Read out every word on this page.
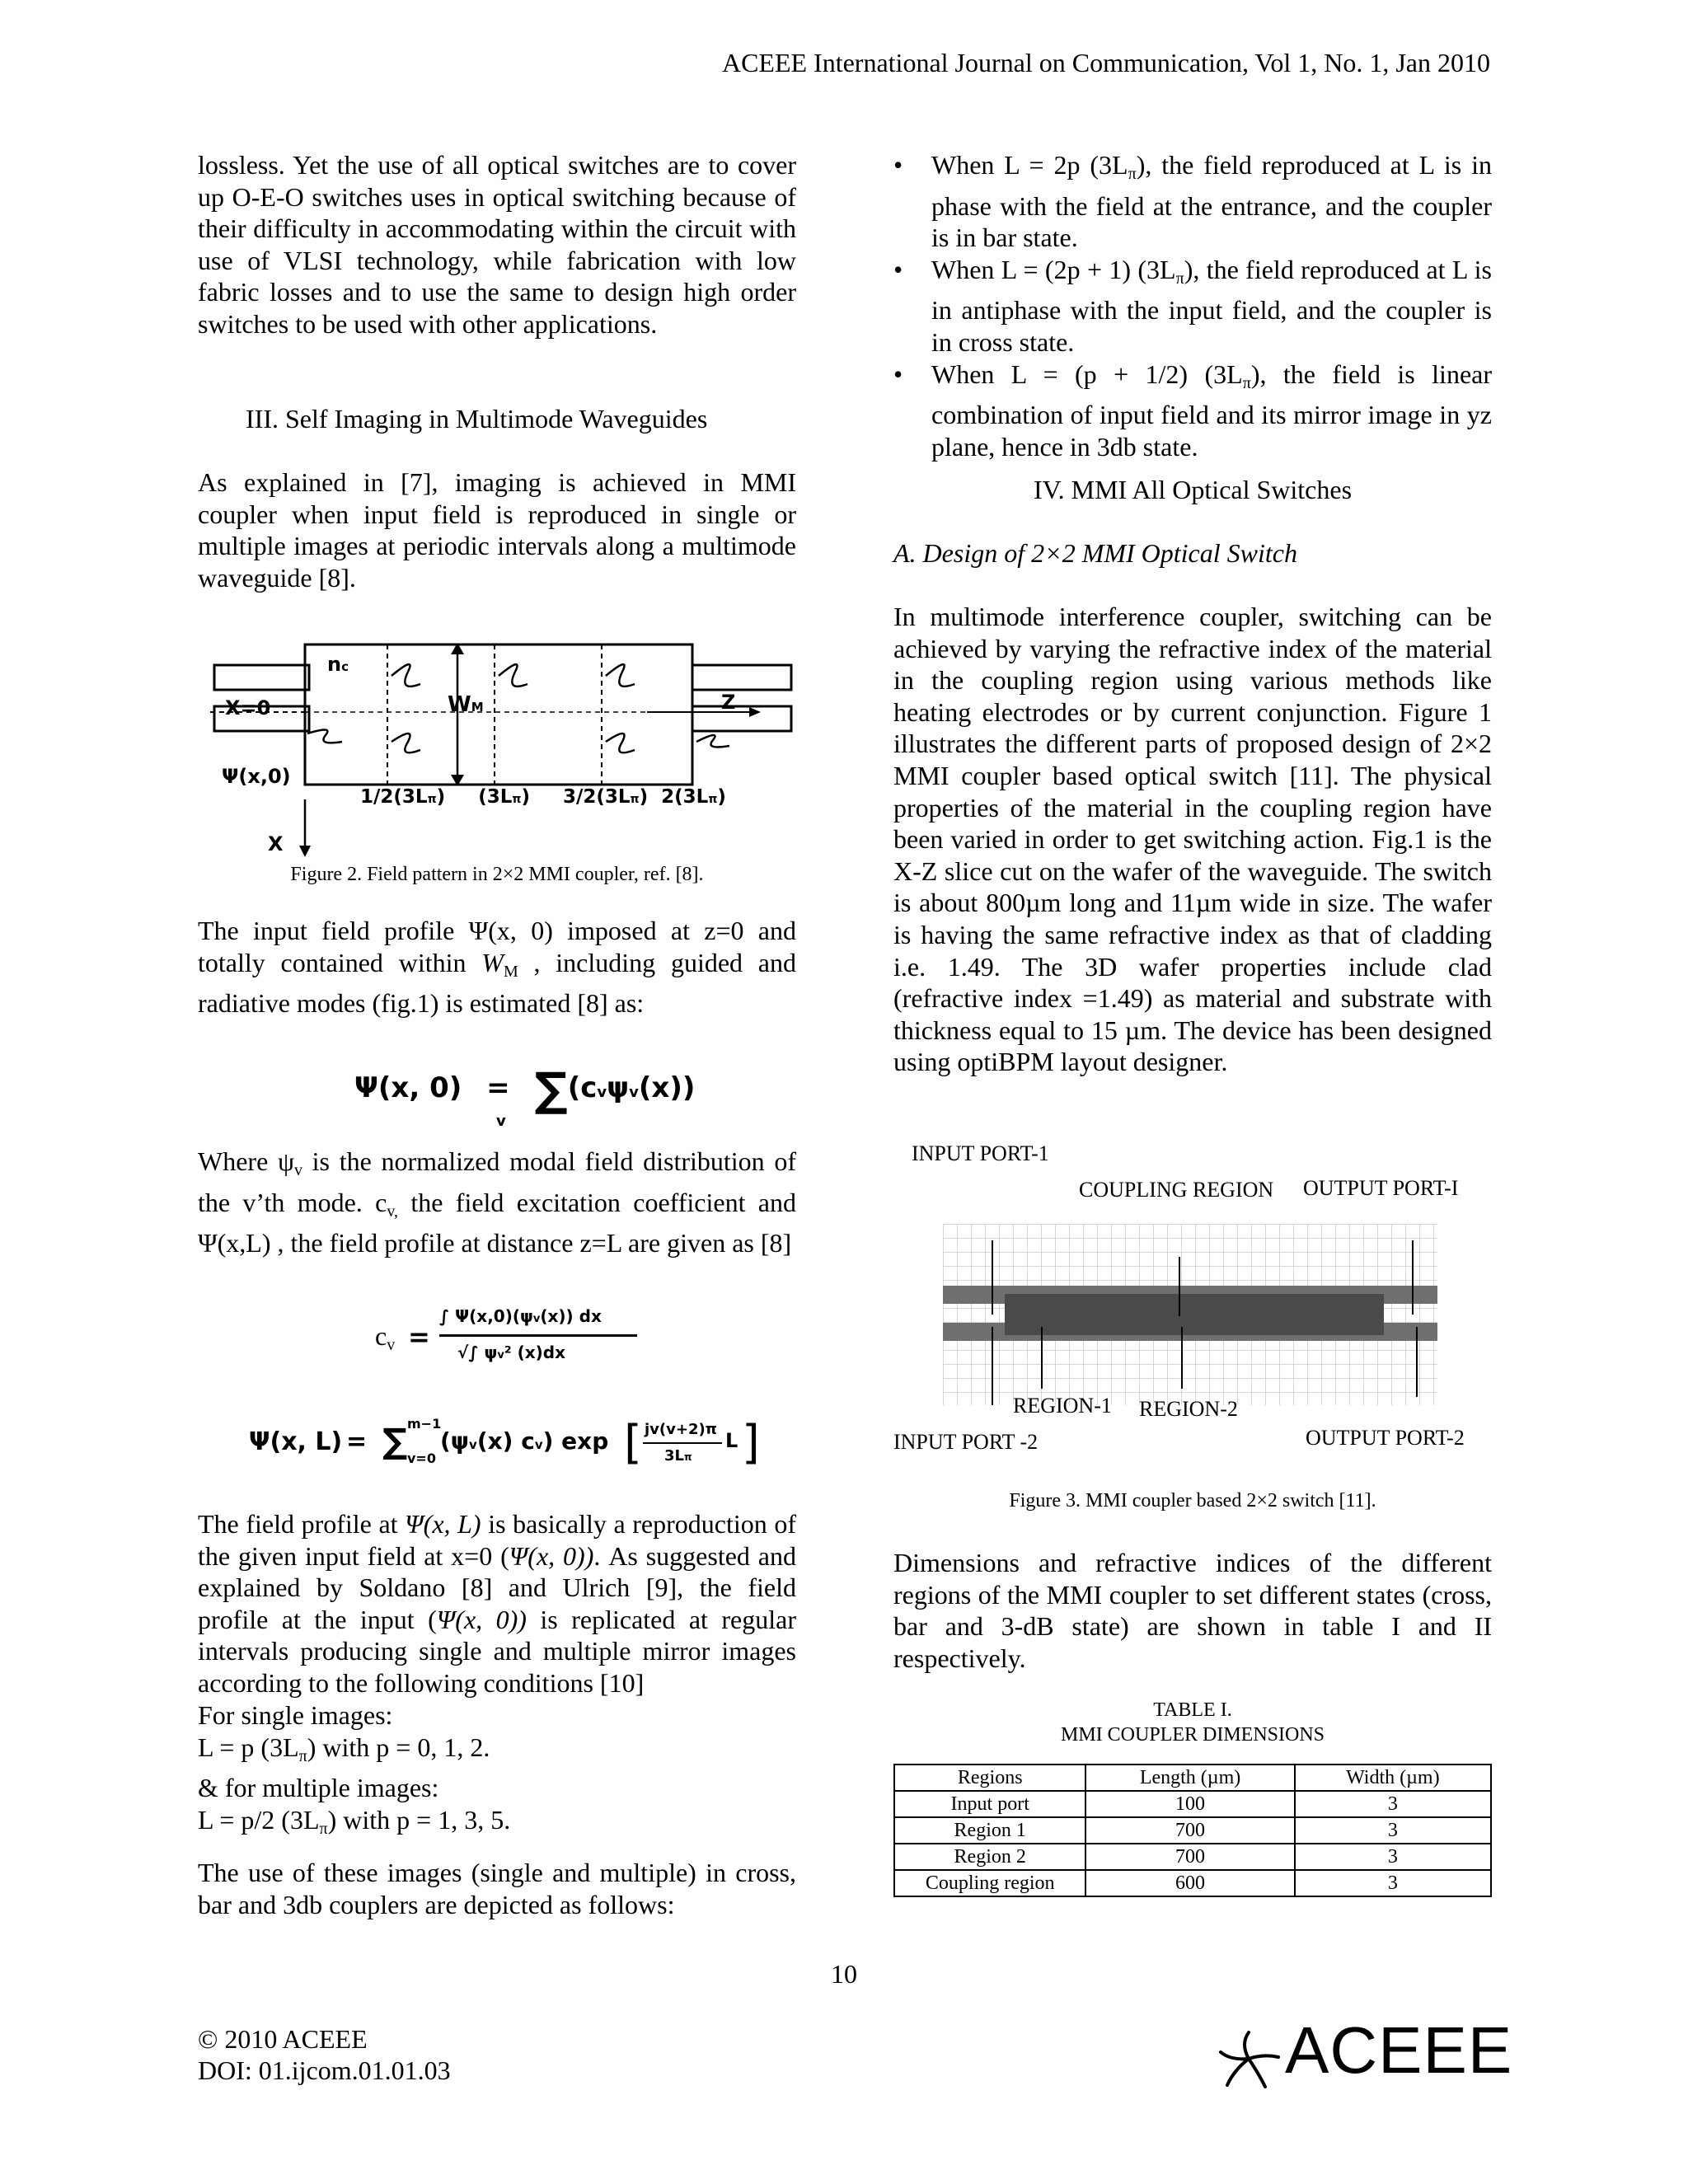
ACEEE International Journal on Communication, Vol 1, No. 1, Jan 2010
lossless. Yet the use of all optical switches are to cover up O-E-O switches uses in optical switching because of their difficulty in accommodating within the circuit with use of VLSI technology, while fabrication with low fabric losses and to use the same to design high order switches to be used with other applications.
III. Self Imaging in Multimode Waveguides
As explained in [7], imaging is achieved in MMI coupler when input field is reproduced in single or multiple images at periodic intervals along a multimode waveguide [8].
nc
X=0
Ψ(x,0)
WM	Z
X
1/2(3Lπ) (3Lπ) 3/2(3Lπ) 2(3Lπ)
Figure 2. Field pattern in 2×2 MMI coupler, ref. [8].
The input field profile Ψ(x, 0) imposed at z=0 and totally contained within $W_M$ , including guided and radiative modes (fig.1) is estimated [8] as:
Ψ(x, 0) = ∑(cvψv(x))
v
Where $\psi_v$ is the normalized modal field distribution of the v’th mode. $c_{v,}$ the field excitation coefficient and Ψ(x,L) , the field profile at distance z=L are given as [8]
$c_v$ =
∫ Ψ(x,0)(ψv(x)) dx
√∫ ψv² (x)dx
Ψ(x, L) = ∑ m−1
v=0
(ψv(x) cv) exp [ jv(v+2)π
3Lπ
L ]
The field profile at Ψ(x, L) is basically a reproduction of the given input field at x=0 (Ψ(x, 0)). As suggested and explained by Soldano [8] and Ulrich [9], the field profile at the input (Ψ(x, 0)) is replicated at regular intervals producing single and multiple mirror images according to the following conditions [10]
For single images:
L = p $(3L_\pi)$ with p = 0, 1, 2.
& for multiple images:
L = p/2 $(3L_\pi)$ with p = 1, 3, 5.
The use of these images (single and multiple) in cross, bar and 3db couplers are depicted as follows:
• When L = 2p $(3L_\pi)$, the field reproduced at L is in phase with the field at the entrance, and the coupler is in bar state.
• When L = (2p + 1) $(3L_\pi)$, the field reproduced at L is in antiphase with the input field, and the coupler is in cross state.
• When L = (p + 1/2) $(3L_\pi)$, the field is linear combination of input field and its mirror image in yz plane, hence in 3db state.
IV. MMI All Optical Switches
A. Design of 2×2 MMI Optical Switch
In multimode interference coupler, switching can be achieved by varying the refractive index of the material in the coupling region using various methods like heating electrodes or by current conjunction. Figure 1 illustrates the different parts of proposed design of 2×2 MMI coupler based optical switch [11]. The physical properties of the material in the coupling region have been varied in order to get switching action. Fig.1 is the X-Z slice cut on the wafer of the waveguide. The switch is about 800µm long and 11µm wide in size. The wafer is having the same refractive index as that of cladding i.e. 1.49. The 3D wafer properties include clad (refractive index =1.49) as material and substrate with thickness equal to 15 µm. The device has been designed using optiBPM layout designer.
INPUT PORT-1
COUPLING REGION OUTPUT PORT-I
REGION-1 REGION-2
INPUT PORT -2	OUTPUT PORT-2
Figure 3. MMI coupler based 2×2 switch [11].
Dimensions and refractive indices of the different regions of the MMI coupler to set different states (cross, bar and 3-dB state) are shown in table I and II respectively.
TABLE I.
MMI COUPLER DIMENSIONS
Regions	Length (µm)	Width (µm)
Input port	100	3
Region 1	700	3
Region 2	700	3
Coupling region	600	3
10
© 2010 ACEEE
DOI: 01.ijcom.01.01.03	ACEEE
